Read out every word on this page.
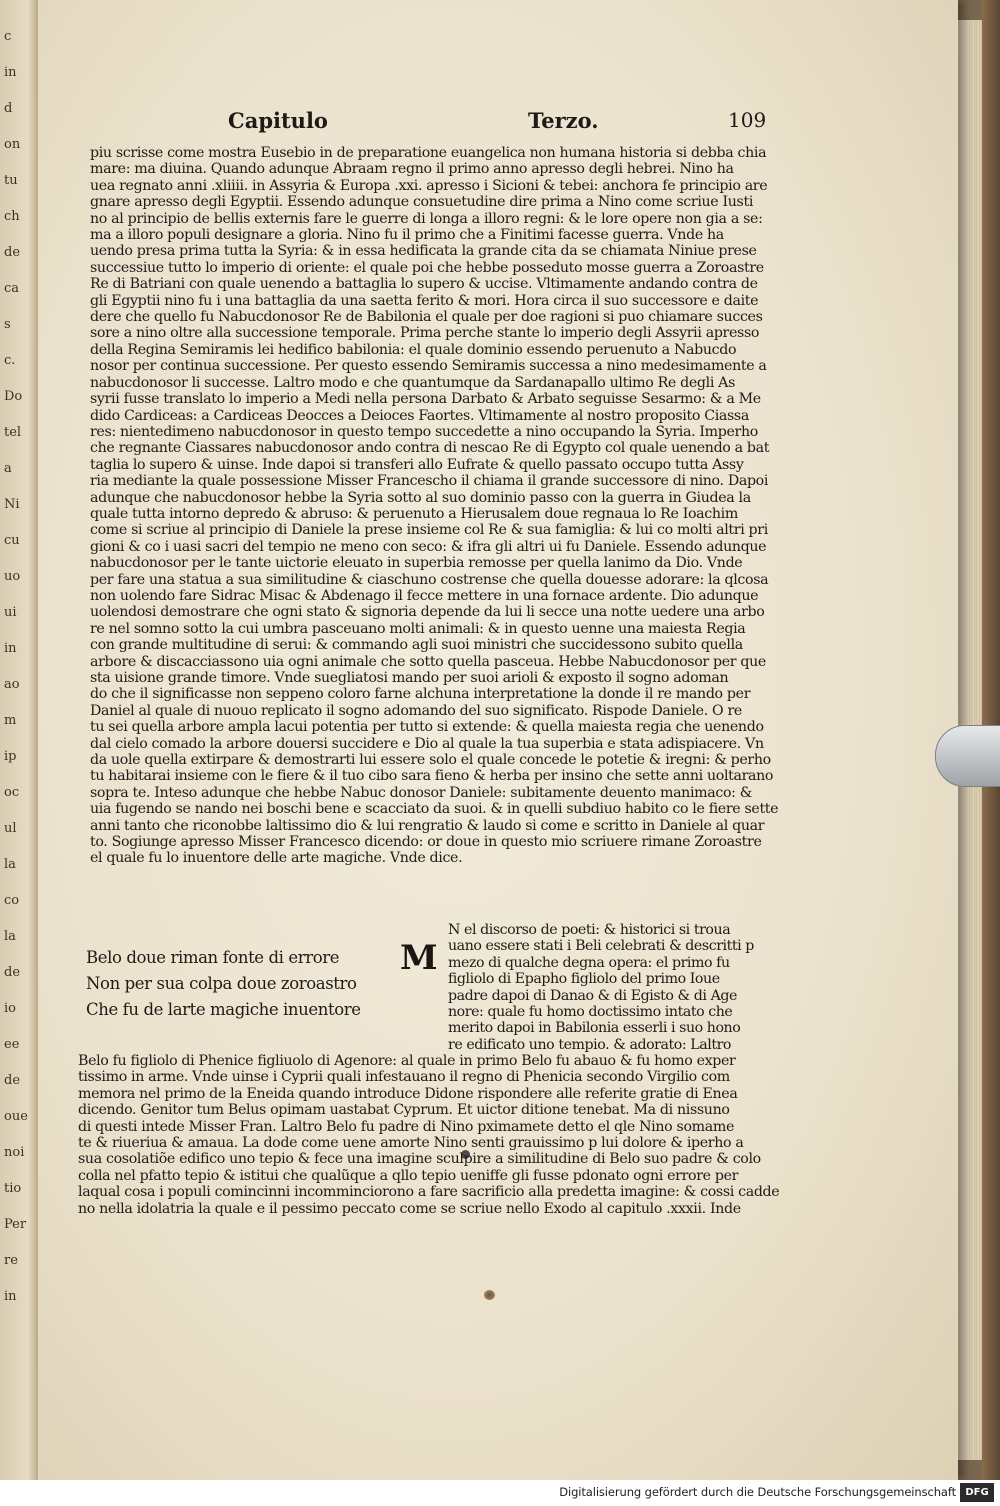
c
in
d
on
tu
ch
de
ca
s
c.
Do
tel
a
Ni
cu
uo
ui
in
ao
m
ip
oc
ul
la
co
la
de
io
ee
de
oue
noi
tio
Per
re
in
Capitulo	Terzo.	109
piu scrisse come mostra Eusebio in de preparatione euangelica non humana historia si debba chia
mare: ma diuina. Quando adunque Abraam regno il primo anno apresso degli hebrei. Nino ha
uea regnato anni .xliiii. in Assyria & Europa .xxi. apresso i Sicioni & tebei: anchora fe principio are
gnare apresso degli Egyptii. Essendo adunque consuetudine dire prima a Nino come scriue Iusti
no al principio de bellis externis fare le guerre di longa a illoro regni: & le lore opere non gia a se:
ma a illoro populi designare a gloria. Nino fu il primo che a Finitimi facesse guerra. Vnde ha
uendo presa prima tutta la Syria: & in essa hedificata la grande cita da se chiamata Niniue prese
successiue tutto lo imperio di oriente: el quale poi che hebbe posseduto mosse guerra a Zoroastre
Re di Batriani con quale uenendo a battaglia lo supero & uccise. Vltimamente andando contra de
gli Egyptii nino fu i una battaglia da una saetta ferito & mori. Hora circa il suo successore e daite
dere che quello fu Nabucdonosor Re de Babilonia el quale per doe ragioni si puo chiamare succes
sore a nino oltre alla successione temporale. Prima perche stante lo imperio degli Assyrii apresso
della Regina Semiramis lei hedifico babilonia: el quale dominio essendo peruenuto a Nabucdo
nosor per continua successione. Per questo essendo Semiramis successa a nino medesimamente a
nabucdonosor li successe. Laltro modo e che quantumque da Sardanapallo ultimo Re degli As
syrii fusse translato lo imperio a Medi nella persona Darbato & Arbato seguisse Sesarmo: & a Me
dido Cardiceas: a Cardiceas Deocces a Deioces Faortes. Vltimamente al nostro proposito Ciassa
res: nientedimeno nabucdonosor in questo tempo succedette a nino occupando la Syria. Imperho
che regnante Ciassares nabucdonosor ando contra di nescao Re di Egypto col quale uenendo a bat
taglia lo supero & uinse. Inde dapoi si transferi allo Eufrate & quello passato occupo tutta Assy
ria mediante la quale possessione Misser Francescho il chiama il grande successore di nino. Dapoi
adunque che nabucdonosor hebbe la Syria sotto al suo dominio passo con la guerra in Giudea la
quale tutta intorno depredo & abruso: & peruenuto a Hierusalem doue regnaua lo Re Ioachim
come si scriue al principio di Daniele la prese insieme col Re & sua famiglia: & lui co molti altri pri
gioni & co i uasi sacri del tempio ne meno con seco: & ifra gli altri ui fu Daniele. Essendo adunque
nabucdonosor per le tante uictorie eleuato in superbia remosse per quella lanimo da Dio. Vnde
per fare una statua a sua similitudine & ciaschuno costrense che quella douesse adorare: la qlcosa
non uolendo fare Sidrac Misac & Abdenago il fecce mettere in una fornace ardente. Dio adunque
uolendosi demostrare che ogni stato & signoria depende da lui li secce una notte uedere una arbo
re nel somno sotto la cui umbra pasceuano molti animali: & in questo uenne una maiesta Regia
con grande multitudine di serui: & commando agli suoi ministri che succidessono subito quella
arbore & discacciassono uia ogni animale che sotto quella pasceua. Hebbe Nabucdonosor per que
sta uisione grande timore. Vnde suegliatosi mando per suoi arioli & exposto il sogno adoman
do che il significasse non seppeno coloro farne alchuna interpretatione la donde il re mando per
Daniel al quale di nuouo replicato il sogno adomando del suo significato. Rispode Daniele. O re
tu sei quella arbore ampla lacui potentia per tutto si extende: & quella maiesta regia che uenendo
dal cielo comado la arbore douersi succidere e Dio al quale la tua superbia e stata adispiacere. Vn
da uole quella extirpare & demostrarti lui essere solo el quale concede le potetie & iregni: & perho
tu habitarai insieme con le fiere & il tuo cibo sara fieno & herba per insino che sette anni uoltarano
sopra te. Inteso adunque che hebbe Nabuc donosor Daniele: subitamente deuento manimaco: &
uia fugendo se nando nei boschi bene e scacciato da suoi. & in quelli subdiuo habito co le fiere sette
anni tanto che riconobbe laltissimo dio & lui rengratio & laudo si come e scritto in Daniele al quar
to. Sogiunge apresso Misser Francesco dicendo: or doue in questo mio scriuere rimane Zoroastre
el quale fu lo inuentore delle arte magiche. Vnde dice.
Belo doue riman fonte di errore
Non per sua colpa doue zoroastro
Che fu de larte magiche inuentore
M
N el discorso de poeti: & historici si troua
uano essere stati i Beli celebrati & descritti p
mezo di qualche degna opera: el primo fu
figliolo di Epapho figliolo del primo Ioue
padre dapoi di Danao & di Egisto & di Age
nore: quale fu homo doctissimo intato che
merito dapoi in Babilonia esserli i suo hono
re edificato uno tempio. & adorato: Laltro
Belo fu figliolo di Phenice figliuolo di Agenore: al quale in primo Belo fu abauo & fu homo exper
tissimo in arme. Vnde uinse i Cyprii quali infestauano il regno di Phenicia secondo Virgilio com
memora nel primo de la Eneida quando introduce Didone rispondere alle referite gratie di Enea
dicendo. Genitor tum Belus opimam uastabat Cyprum. Et uictor ditione tenebat. Ma di nissuno
di questi intede Misser Fran. Laltro Belo fu padre di Nino pximamete detto el qle Nino somame
te & riueriua & amaua. La dode come uene amorte Nino senti grauissimo p lui dolore & iperho a
sua cosolatiõe edifico uno tepio & fece una imagine sculpire a similitudine di Belo suo padre & colo
colla nel pfatto tepio & istitui che qualũque a qllo tepio ueniffe gli fusse pdonato ogni errore per
laqual cosa i populi comincinni incomminciorono a fare sacrificio alla predetta imagine: & cossi cadde
no nella idolatria la quale e il pessimo peccato come se scriue nello Exodo al capitulo .xxxii. Inde
Digitalisierung gefördert durch die Deutsche Forschungsgemeinschaft DFG
